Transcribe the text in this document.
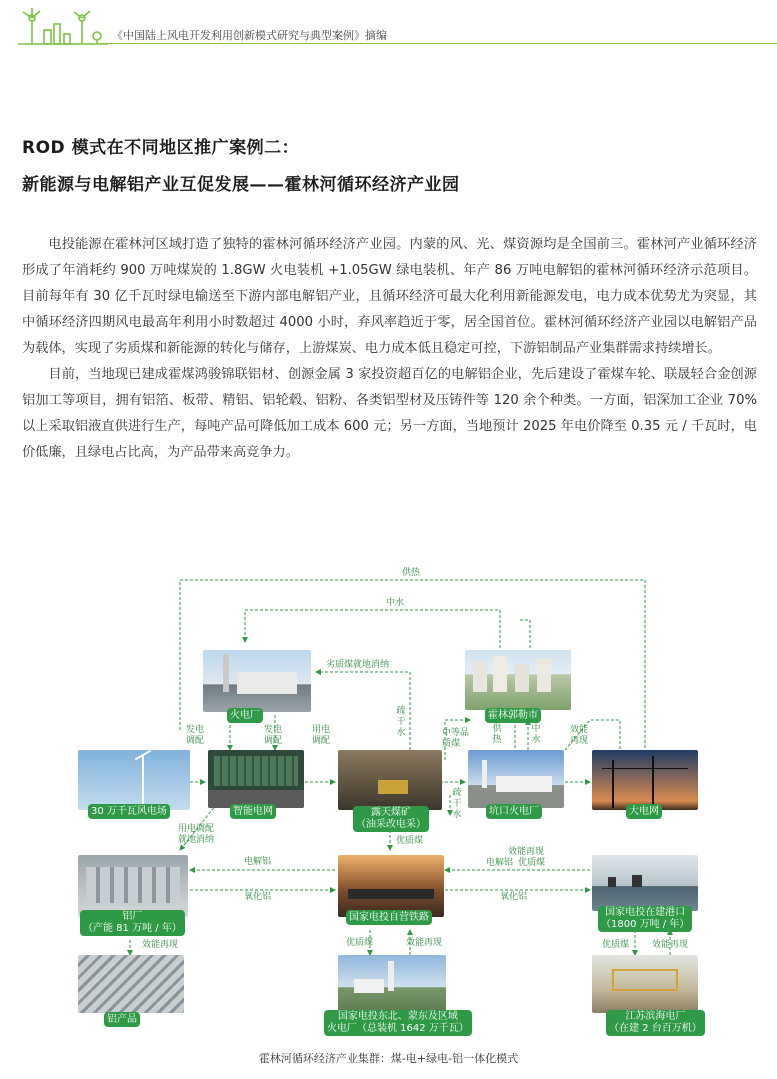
《中国陆上风电开发利用创新模式研究与典型案例》摘编
ROD 模式在不同地区推广案例二：
新能源与电解铝产业互促发展——霍林河循环经济产业园

电投能源在霍林河区域打造了独特的霍林河循环经济产业园。内蒙的风、光、煤资源均是全国前三。霍林河产业循环经济形成了年消耗约 900 万吨煤炭的 1.8GW 火电装机 +1.05GW 绿电装机、年产 86 万吨电解铝的霍林河循环经济示范项目。目前每年有 30 亿千瓦时绿电输送至下游内部电解铝产业，且循环经济可最大化利用新能源发电，电力成本优势尤为突显，其中循环经济四期风电最高年利用小时数超过 4000 小时，弃风率趋近于零，居全国首位。霍林河循环经济产业园以电解铝产品为载体，实现了劣质煤和新能源的转化与储存，上游煤炭、电力成本低且稳定可控，下游铝制品产业集群需求持续增长。

目前，当地现已建成霍煤鸿骏锦联铝材、创源金属 3 家投资超百亿的电解铝企业，先后建设了霍煤车轮、联晟轻合金创源铝加工等项目，拥有铝箔、板带、精铝、铝轮毂、铝粉、各类铝型材及压铸件等 120 余个种类。一方面，铝深加工企业 70% 以上采取铝液直供进行生产，每吨产品可降低加工成本 600 元；另一方面，当地预计 2025 年电价降至 0.35 元 / 千瓦时，电价低廉，且绿电占比高，为产品带来高竞争力。

火电厂	霍林郭勒市
30 万千瓦风电场	智能电网	露天煤矿
（油采改电采）
坑口火电厂	大电网
铝厂
（产能 81 万吨 / 年）
国家电投自营铁路	国家电投在建港口
（1800 万吨 / 年）
铝产品	国家电投东北、蒙东及区域
火电厂（总装机 1642 万千瓦）
江苏滨海电厂
（在建 2 台百万机）
供热
中水
劣质煤就地消纳
疏干水
发电调配
发电调配
用电调配
中等品质煤
供热
中水
效能再现
疏干水
用电调配就地消纳	优质煤
电解铝
氧化铝
效能再现
效能再现
电解铝 优质煤
氧化铝
优质煤	效能再现	优质煤	效能再现
霍林河循环经济产业集群：煤-电+绿电-铝一体化模式
